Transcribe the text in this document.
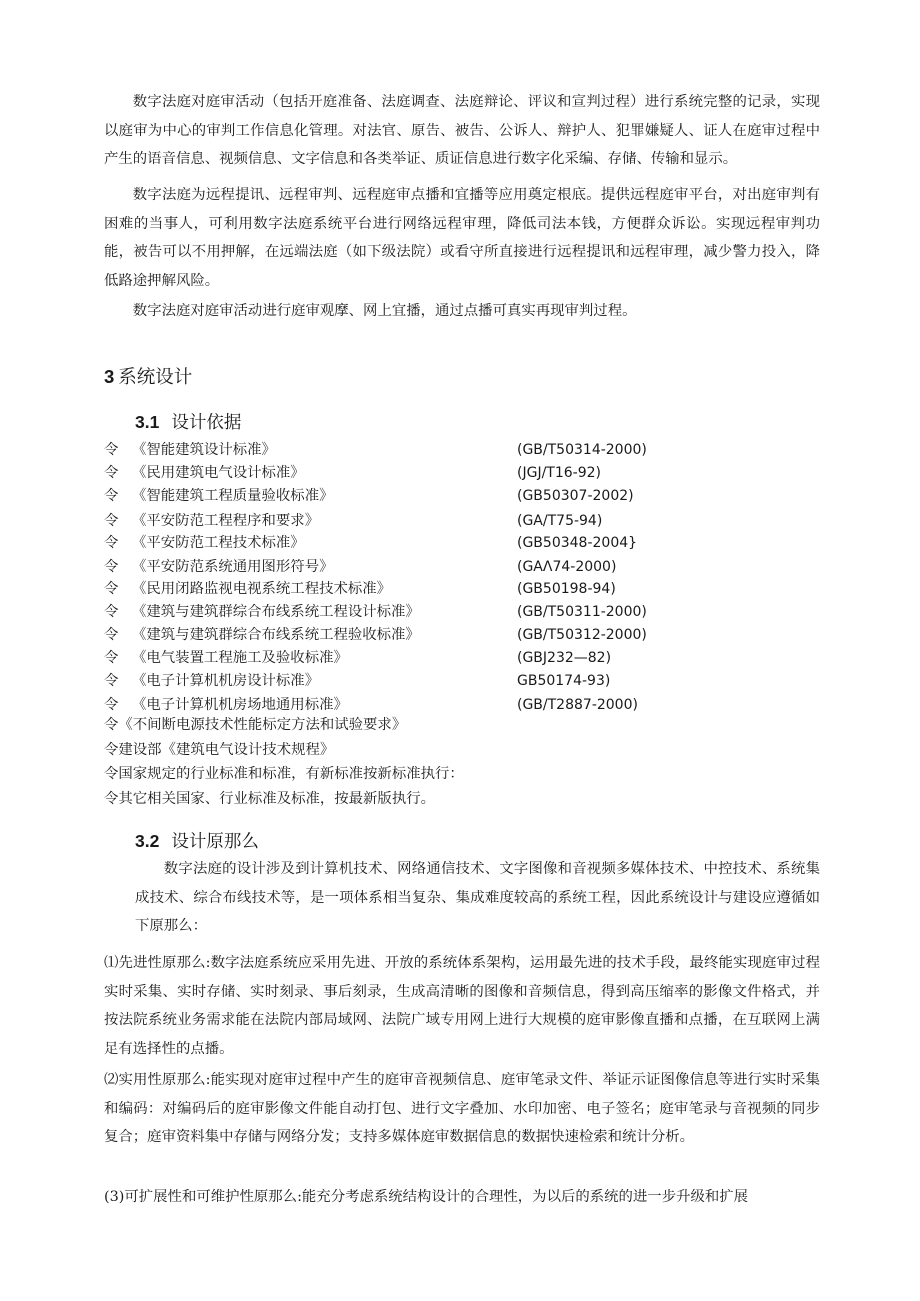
数字法庭对庭审活动（包括开庭准备、法庭调查、法庭辩论、评议和宣判过程）进行系统完整的记录，实现以庭审为中心的审判工作信息化管理。对法官、原告、被告、公诉人、辩护人、犯罪嫌疑人、证人在庭审过程中产生的语音信息、视频信息、文字信息和各类举证、质证信息进行数字化采编、存储、传输和显示。

数字法庭为远程提讯、远程审判、远程庭审点播和宜播等应用奠定根底。提供远程庭审平台，对出庭审判有困难的当事人，可利用数字法庭系统平台进行网络远程审理，降低司法本钱，方便群众诉讼。实现远程审判功能，被告可以不用押解，在远端法庭（如下级法院）或看守所直接进行远程提讯和远程审理，减少警力投入，降低路途押解风险。

数字法庭对庭审活动进行庭审观摩、网上宜播，通过点播可真实再现审判过程。

3 系统设计
3.1 设计依据
令 《智能建筑设计标准》	(GB/T50314-2000)
令 《民用建筑电气设计标准》	(JGJ/T16-92)
令 《智能建筑工程质量验收标准》	(GB50307-2002)
令 《平安防范工程程序和要求》	(GA/T75-94)
令 《平安防范工程技术标准》	(GB50348-2004}
令 《平安防范系统通用图形符号》	(GAΛ74-2000)
令 《民用闭路监视电视系统工程技术标准》	(GB50198-94)
令 《建筑与建筑群综合布线系统工程设计标准》	(GB/T50311-2000)
令 《建筑与建筑群综合布线系统工程验收标准》	(GB/T50312-2000)
令 《电气装置工程施工及验收标准》	(GBJ232—82)
令 《电子计算机机房设计标准》	GB50174-93)
令 《电子计算机机房场地通用标准》	(GB/T2887-2000)
令《不间断电源技术性能标定方法和试验要求》
令建设部《建筑电气设计技术规程》
令国家规定的行业标准和标准，有新标准按新标准执行：
令其它相关国家、行业标准及标准，按最新版执行。
3.2 设计原那么

数字法庭的设计涉及到计算机技术、网络通信技术、文字图像和音视频多媒体技术、中控技术、系统集成技术、综合布线技术等，是一项体系相当复杂、集成难度较高的系统工程，因此系统设计与建设应遵循如下原那么：

⑴先进性原那么:数字法庭系统应采用先进、开放的系统体系架构，运用最先进的技术手段，最终能实现庭审过程实时采集、实时存储、实时刻录、事后刻录，生成高清晰的图像和音频信息，得到高压缩率的影像文件格式，并按法院系统业务需求能在法院内部局域网、法院广域专用网上进行大规模的庭审影像直播和点播，在互联网上满足有选择性的点播。

⑵实用性原那么:能实现对庭审过程中产生的庭审音视频信息、庭审笔录文件、举证示证图像信息等进行实时采集和编码：对编码后的庭审影像文件能自动打包、进行文字叠加、水印加密、电子签名；庭审笔录与音视频的同步复合；庭审资料集中存储与网络分发；支持多媒体庭审数据信息的数据快速检索和统计分析。

(3)可扩展性和可维护性原那么:能充分考虑系统结构设计的合理性，为以后的系统的进一步升级和扩展
